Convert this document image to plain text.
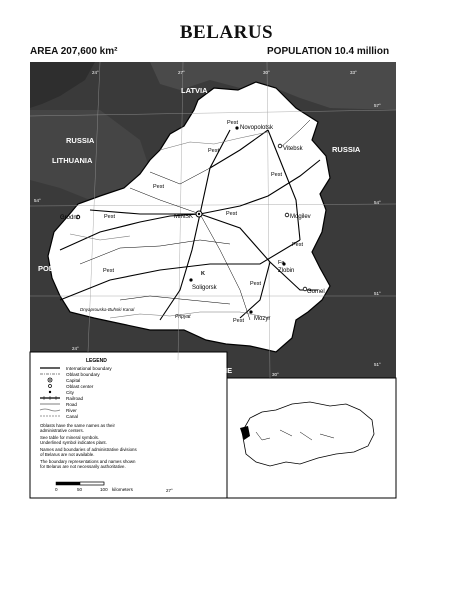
BELARUS
AREA 207,600 km²	POPULATION 10.4 million
LATVIA
RUSSIA
RUSSIA
LITHUANIA
POLAND
UKRAINE
MINSK
Novopolotsk
Vitebsk
Mogilev
Grodno
Zlobin
Gomel
Soligorsk
Mozyr
Pest
Pest
Pest
Pest
Pest
Pest
Pest
Pest
Pest
Pest
K
Fe
Dnyaprouska-Buhski Kanal
Pripyat
24°	27°	30°	33°
57°
54°
51°
27°
30°
51°
24°
54°
LEGEND
International boundary
Oblast boundary
Capital
Oblast center
City
Railroad
Road
River
Canal
Oblasts have the same names as their
administrative centers.
See table for mineral symbols.
Underlined symbol indicates plant.
Names and boundaries of administrative divisions
of Belarus are not available.
The boundary representations and names shown
for Belarus are not necessarily authoritative.
0	50	100 kilometers	27°
